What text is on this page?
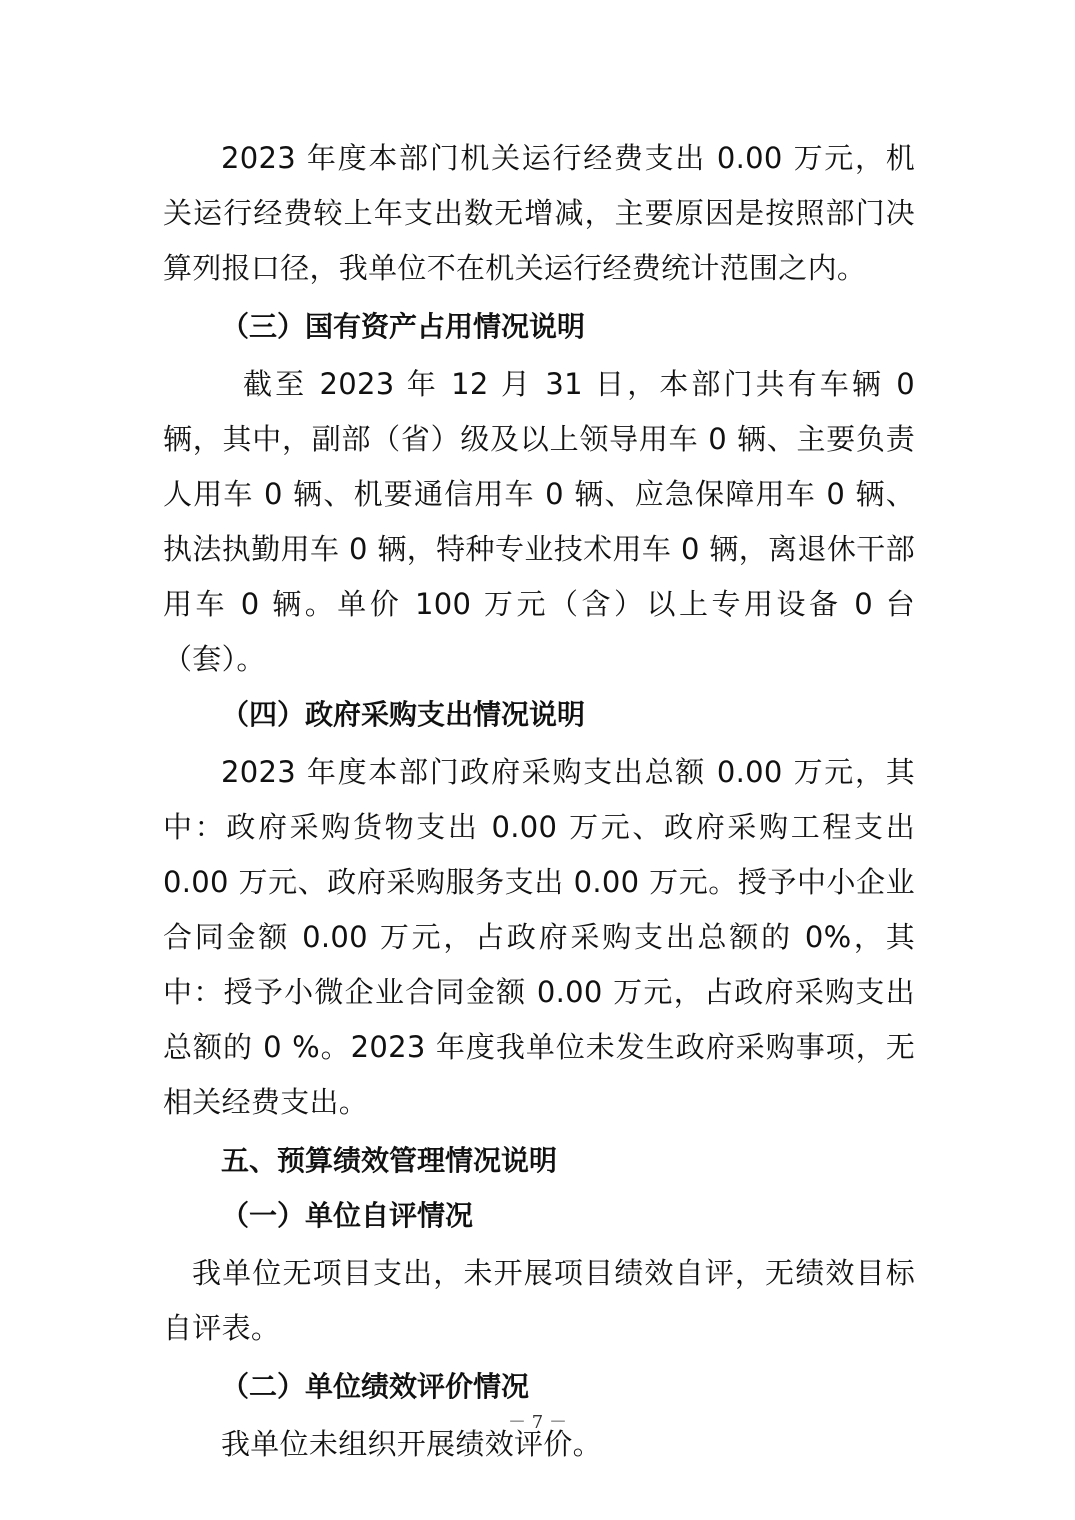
2023 年度本部门机关运行经费支出 0.00 万元，机关运行经费较上年支出数无增减，主要原因是按照部门决算列报口径，我单位不在机关运行经费统计范围之内。

（三）国有资产占用情况说明

截至 2023 年 12 月 31 日，本部门共有车辆 0 辆，其中，副部（省）级及以上领导用车 0 辆、主要负责人用车 0 辆、机要通信用车 0 辆、应急保障用车 0 辆、执法执勤用车 0 辆，特种专业技术用车 0 辆，离退休干部用车 0 辆。单价 100 万元（含）以上专用设备 0 台（套）。

（四）政府采购支出情况说明

2023 年度本部门政府采购支出总额 0.00 万元，其中：政府采购货物支出 0.00 万元、政府采购工程支出 0.00 万元、政府采购服务支出 0.00 万元。授予中小企业合同金额 0.00 万元，占政府采购支出总额的 0%，其中：授予小微企业合同金额 0.00 万元，占政府采购支出总额的 0 %。2023 年度我单位未发生政府采购事项，无相关经费支出。

五、预算绩效管理情况说明

（一）单位自评情况

我单位无项目支出，未开展项目绩效自评，无绩效目标自评表。

（二）单位绩效评价情况

我单位未组织开展绩效评价。

－ 7 －
